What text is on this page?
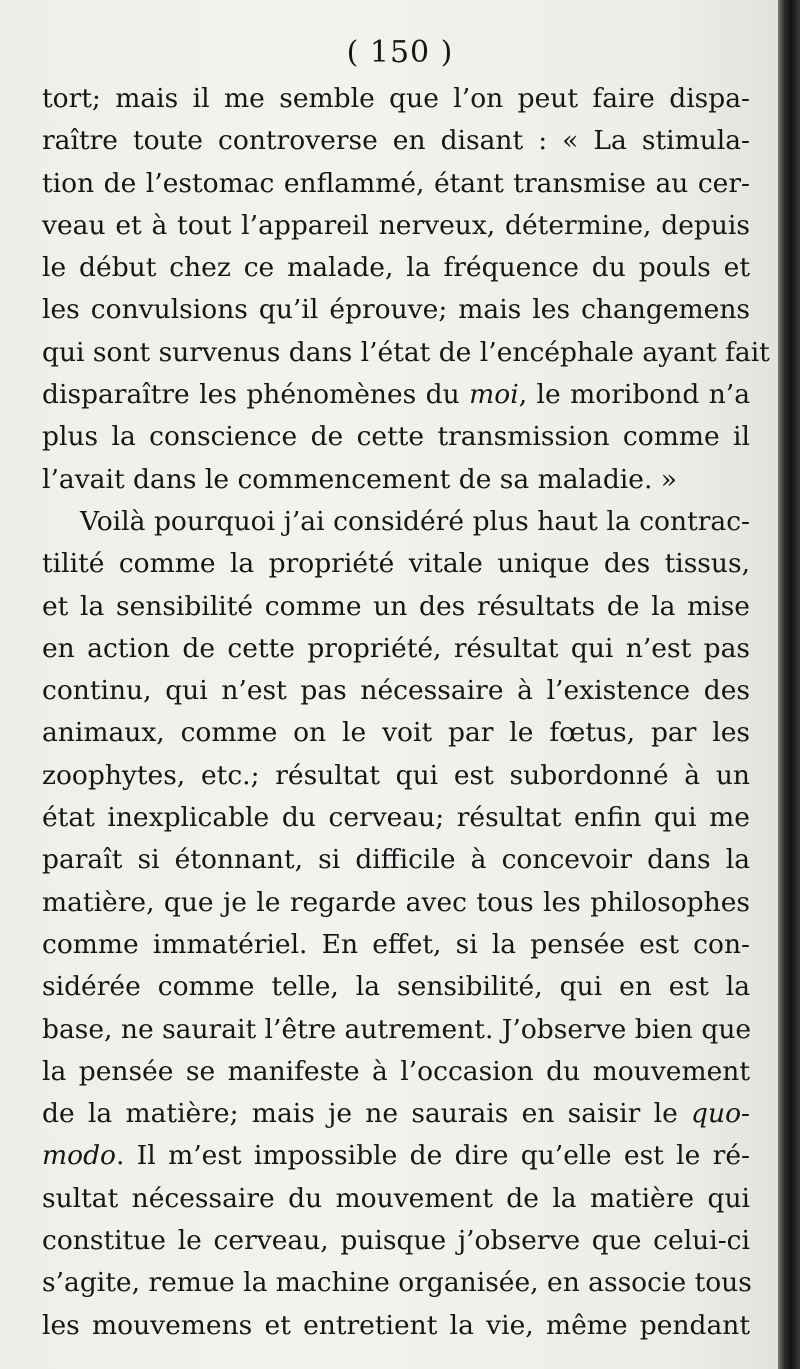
( 150 )
tort; mais il me semble que l’on peut faire dispa-
raître toute controverse en disant : « La stimula-
tion de l’estomac enflammé, étant transmise au cer-
veau et à tout l’appareil nerveux, détermine, depuis
le début chez ce malade, la fréquence du pouls et
les convulsions qu’il éprouve; mais les changemens
qui sont survenus dans l’état de l’encéphale ayant fait
disparaître les phénomènes du moi, le moribond n’a
plus la conscience de cette transmission comme il
l’avait dans le commencement de sa maladie. »
Voilà pourquoi j’ai considéré plus haut la contrac-
tilité comme la propriété vitale unique des tissus,
et la sensibilité comme un des résultats de la mise
en action de cette propriété, résultat qui n’est pas
continu, qui n’est pas nécessaire à l’existence des
animaux, comme on le voit par le fœtus, par les
zoophytes, etc.; résultat qui est subordonné à un
état inexplicable du cerveau; résultat enfin qui me
paraît si étonnant, si difficile à concevoir dans la
matière, que je le regarde avec tous les philosophes
comme immatériel. En effet, si la pensée est con-
sidérée comme telle, la sensibilité, qui en est la
base, ne saurait l’être autrement. J’observe bien que
la pensée se manifeste à l’occasion du mouvement
de la matière; mais je ne saurais en saisir le quo-
modo. Il m’est impossible de dire qu’elle est le ré-
sultat nécessaire du mouvement de la matière qui
constitue le cerveau, puisque j’observe que celui-ci
s’agite, remue la machine organisée, en associe tous
les mouvemens et entretient la vie, même pendant
